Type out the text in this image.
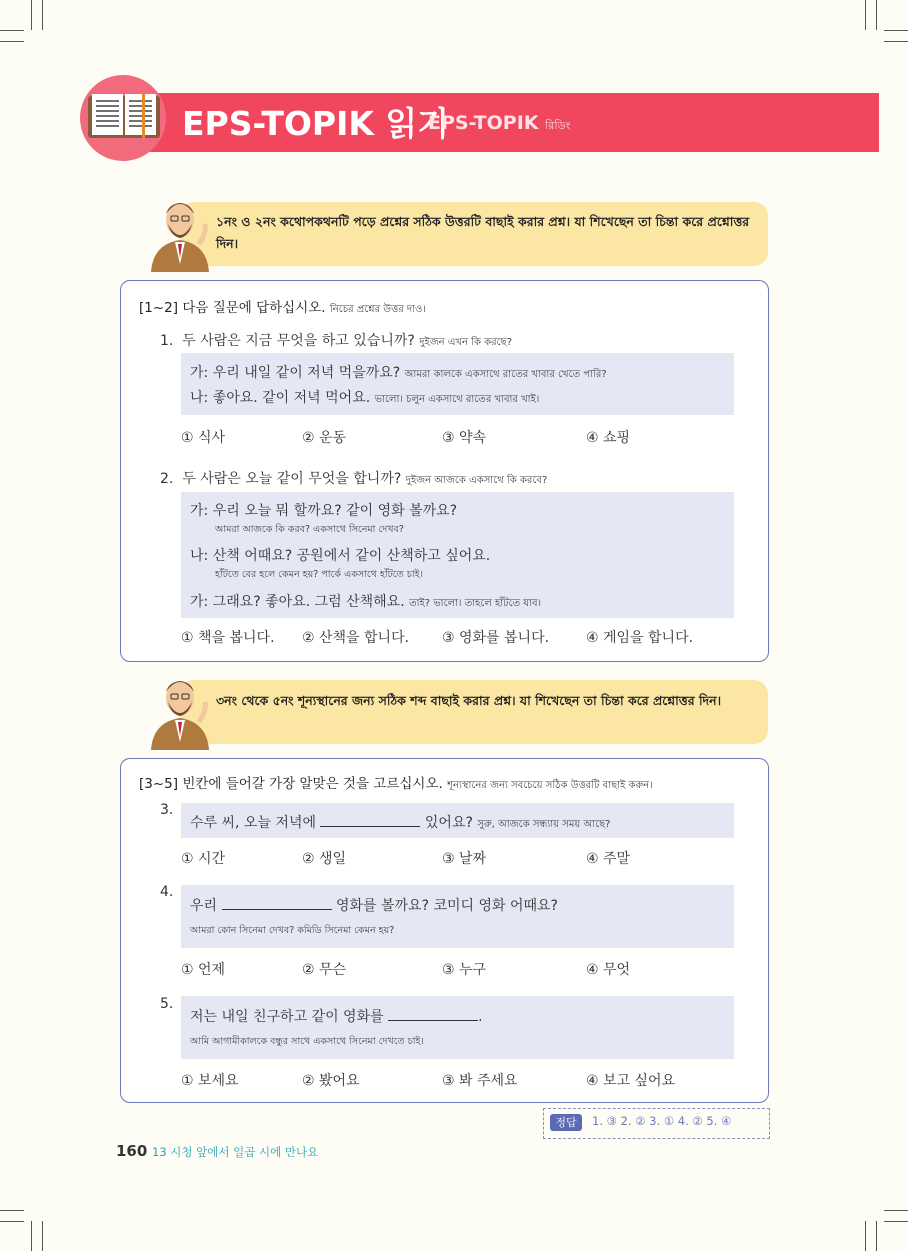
EPS-TOPIK 읽기
EPS-TOPIK রিডিং
১নং ও ২নং কথোপকথনটি পড়ে প্রশ্নের সঠিক উত্তরটি বাছাই করার প্রশ্ন। যা শিখেছেন তা চিন্তা করে প্রশ্নোত্তর দিন।
[1~2] 다음 질문에 답하십시오. নিচের প্রশ্নের উত্তর দাও।
1. 두 사람은 지금 무엇을 하고 있습니까? দুইজন এখন কি করছে?
가: 우리 내일 같이 저녁 먹을까요? আমরা কালকে একসাথে রাতের খাবার খেতে পারি?
나: 좋아요. 같이 저녁 먹어요. ভালো। চলুন একসাথে রাতের খাবার খাই।
① 식사	② 운동	③ 약속	④ 쇼핑
2. 두 사람은 오늘 같이 무엇을 합니까? দুইজন আজকে একসাথে কি করবে?
가: 우리 오늘 뭐 할까요? 같이 영화 볼까요?
আমরা আজকে কি করব? একসাথে সিনেমা দেখব?
나: 산책 어때요? 공원에서 같이 산책하고 싶어요.
হাঁটতে বের হলে কেমন হয়? পার্কে একসাথে হাঁটতে চাই।
가: 그래요? 좋아요. 그럼 산책해요. তাই? ভালো। তাহলে হাঁটতে যাব।
① 책을 봅니다. ② 산책을 합니다. ③ 영화를 봅니다.	④ 게임을 합니다.
৩নং থেকে ৫নং শূন্যস্থানের জন্য সঠিক শব্দ বাছাই করার প্রশ্ন। যা শিখেছেন তা চিন্তা করে প্রশ্নোত্তর দিন।
[3~5] 빈칸에 들어갈 가장 알맞은 것을 고르십시오. শূন্যস্থানের জন্য সবচেয়ে সঠিক উত্তরটি বাছাই করুন।
3.
수루 씨, 오늘 저녁에	있어요? সুরু, আজকে সন্ধ্যায় সময় আছে?
① 시간	② 생일	③ 날짜	④ 주말
4.
우리	영화를 볼까요? 코미디 영화 어때요?
আমরা কোন সিনেমা দেখব? কমিডি সিনেমা কেমন হয়?
① 언제	② 무슨	③ 누구	④ 무엇
5.
저는 내일 친구하고 같이 영화를	.
আমি আগামীকালকে বন্ধুর সাথে একসাথে সিনেমা দেখতে চাই।
① 보세요	② 봤어요	③ 봐 주세요	④ 보고 싶어요
정답	1. ③ 2. ② 3. ① 4. ② 5. ④
160 13 시청 앞에서 일곱 시에 만나요
